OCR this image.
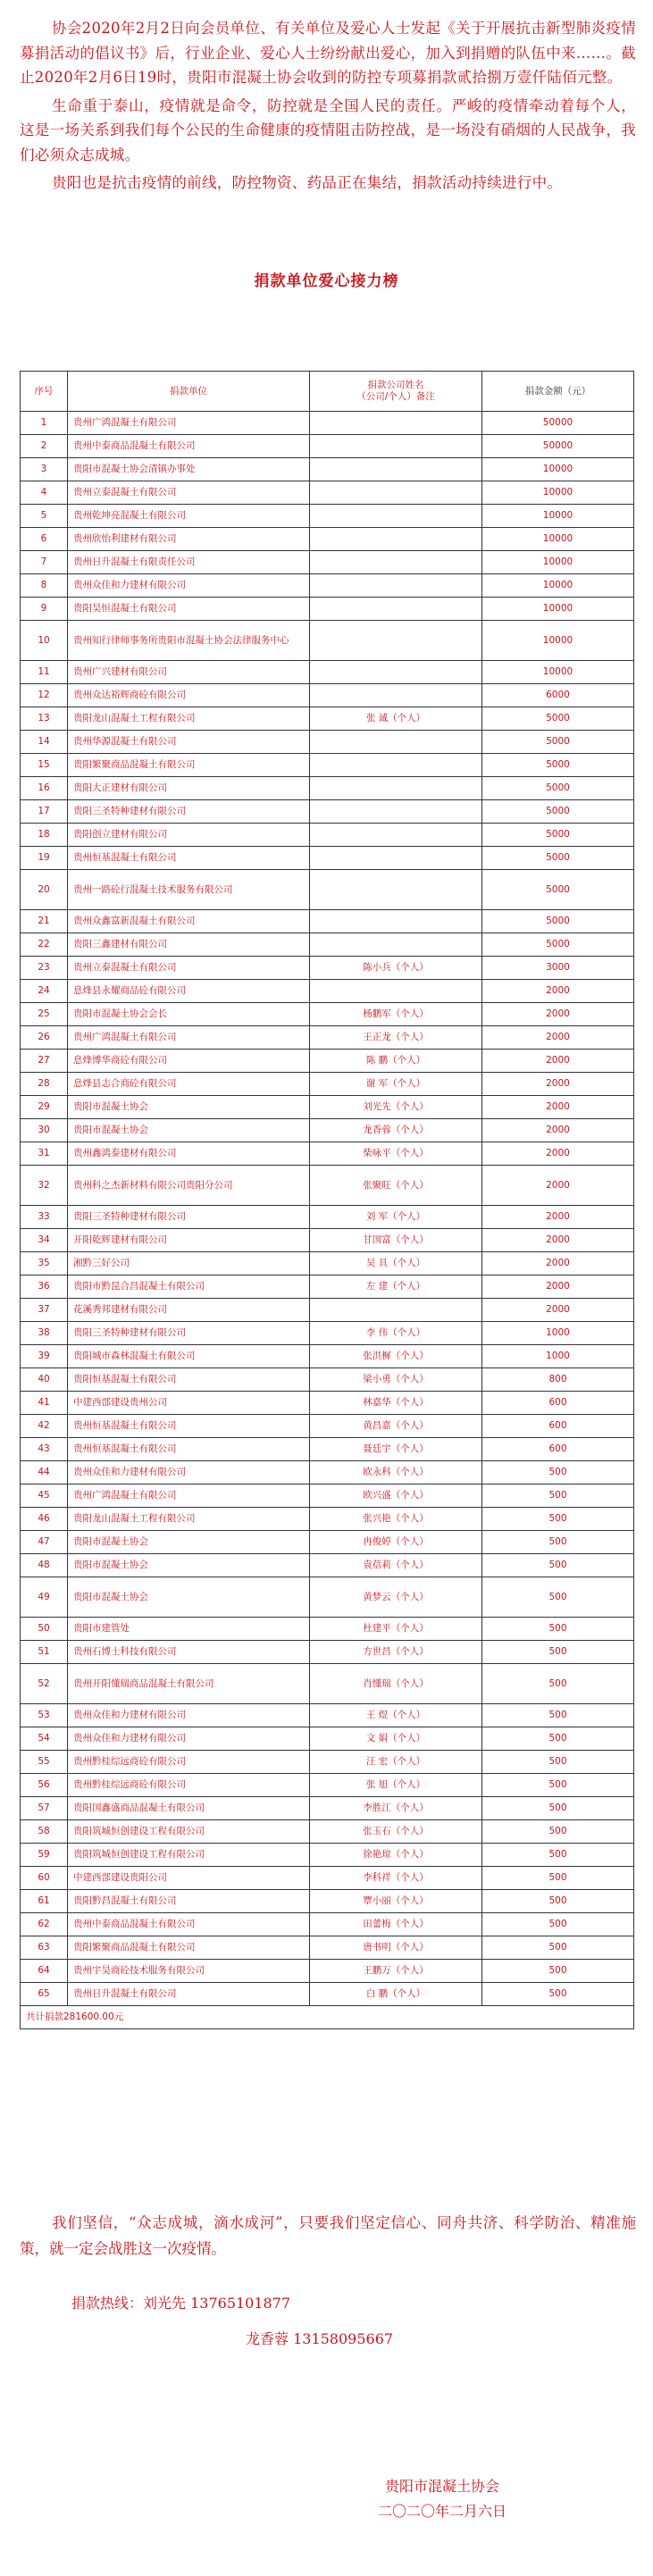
协会2020年2月2日向会员单位、有关单位及爱心人士发起《关于开展抗击新型肺炎疫情募捐活动的倡议书》后，行业企业、爱心人士纷纷献出爱心，加入到捐赠的队伍中来……。截止2020年2月6日19时，贵阳市混凝土协会收到的防控专项募捐款贰拾捌万壹仟陆佰元整。

生命重于泰山，疫情就是命令，防控就是全国人民的责任。严峻的疫情牵动着每个人，这是一场关系到我们每个公民的生命健康的疫情阻击防控战，是一场没有硝烟的人民战争，我们必须众志成城。

贵阳也是抗击疫情的前线，防控物资、药品正在集结，捐款活动持续进行中。

捐款单位爱心接力榜
序号	捐款单位	捐款公司姓名
（公司/个人）备注	捐款金额（元）
1	贵州广鸿混凝土有限公司		50000
2	贵州中泰商品混凝土有限公司		50000
3	贵阳市混凝土协会清镇办事处		10000
4	贵州立泰混凝土有限公司		10000
5	贵州乾坤亮混凝土有限公司		10000
6	贵州欣怡利建材有限公司		10000
7	贵州日升混凝土有限责任公司		10000
8	贵州众佳和力建材有限公司		10000
9	贵阳昊恒混凝土有限公司		10000
10	贵州知行律师事务所贵阳市混凝土协会法律服务中心		10000
11	贵州广兴建材有限公司		10000
12	贵州众达裕辉商砼有限公司		6000
13	贵阳龙山混凝土工程有限公司	张 诚（个人）	5000
14	贵州华源混凝土有限公司		5000
15	贵阳繁聚商品混凝土有限公司		5000
16	贵阳大正建材有限公司		5000
17	贵阳三圣特种建材有限公司		5000
18	贵阳创立建材有限公司		5000
19	贵州恒基混凝土有限公司		5000
20	贵州一路砼行混凝土技术服务有限公司		5000
21	贵州众鑫富新混凝土有限公司		5000
22	贵阳三鑫建材有限公司		5000
23	贵州立泰混凝土有限公司	陈小兵（个人）	3000
24	息烽县永耀商品砼有限公司		2000
25	贵阳市混凝土协会会长	杨鹏军（个人）	2000
26	贵州广鸿混凝土有限公司	王正龙（个人）	2000
27	息烽博华商砼有限公司	陈 鹏（个人）	2000
28	息烽县志合商砼有限公司	谢 军（个人）	2000
29	贵阳市混凝土协会	刘光先（个人）	2000
30	贵阳市混凝土协会	龙香蓉（个人）	2000
31	贵州鑫鸿泰建材有限公司	柴咏平（个人）	2000
32	贵州科之杰新材料有限公司贵阳分公司	张聚旺（个人）	2000
33	贵阳三圣特种建材有限公司	刘 军（个人）	2000
34	开阳乾辉建材有限公司	甘国富（个人）	2000
35	湘黔三好公司	吴 具（个人）	2000
36	贵阳市黔昆合昌混凝土有限公司	左 建（个人）	2000
37	花溪秀邦建材有限公司		2000
38	贵阳三圣特种建材有限公司	李 伟（个人）	1000
39	贵阳城市森林混凝土有限公司	张洪樨（个人）	1000
40	贵阳恒基混凝土有限公司	梁小勇（个人）	800
41	中建西部建设贵州公司	林嘉华（个人）	600
42	贵州恒基混凝土有限公司	黄昌嘉（个人）	600
43	贵州恒基混凝土有限公司	聂廷宇（个人）	600
44	贵州众佳和力建材有限公司	欧永科（个人）	500
45	贵州广鸿混凝土有限公司	欧兴盛（个人）	500
46	贵阳龙山混凝土工程有限公司	张兴艳（个人）	500
47	贵阳市混凝土协会	冉俊婷（个人）	500
48	贵阳市混凝土协会	袁蓓莉（个人）	500
49	贵阳市混凝土协会	黄梦云（个人）	500
50	贵阳市建管处	杜建平（个人）	500
51	贵州石博士科技有限公司	方世昌（个人）	500
52	贵州开阳懂瑞商品混凝土有限公司	肖懂瑞（个人）	500
53	贵州众佳和力建材有限公司	王 煜（个人）	500
54	贵州众佳和力建材有限公司	文 娟（个人）	500
55	贵州黔桂综远商砼有限公司	汪 宏（个人）	500
56	贵州黔桂综远商砼有限公司	张 旭（个人）	500
57	贵阳国鑫盛商品混凝土有限公司	李胜江（个人）	500
58	贵阳筑城恒创建设工程有限公司	张玉石（个人）	500
59	贵阳筑城恒创建设工程有限公司	徐艳琼（个人）	500
60	中建西部建设贵阳公司	李科祥（个人）	500
61	贵阳黔昌混凝土有限公司	覃小丽（个人）	500
62	贵州中泰商品混凝土有限公司	田蕾梅（个人）	500
63	贵阳繁聚商品混凝土有限公司	唐书明（个人）	500
64	贵州宇昊商砼技术服务有限公司	王鹏万（个人）	500
65	贵州日升混凝土有限公司	白 鹏（个人）	500
共计捐款281600.00元			

我们坚信，“众志成城，滴水成河”，只要我们坚定信心、同舟共济、科学防治、精准施策，就一定会战胜这一次疫情。

捐款热线：刘光先 13765101877
龙香蓉 13158095667
贵阳市混凝土协会
二〇二〇年二月六日
